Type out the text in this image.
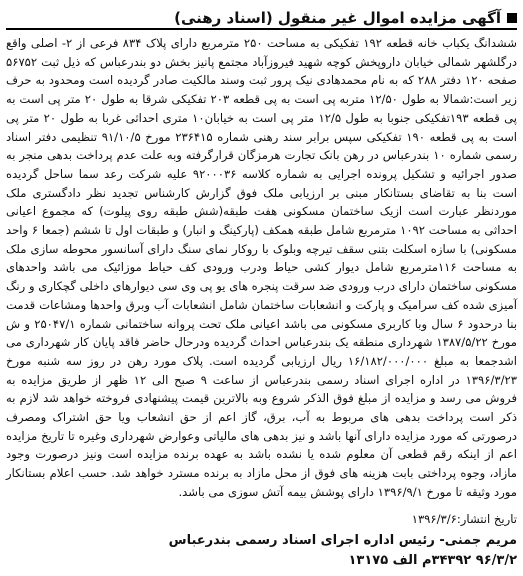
آگهی مزایده اموال غیر منقول (اسناد رهنی)
ششدانگ یکباب خانه قطعه ۱۹۲ تفکیکی به مساحت ۲۵۰ مترمربع دارای پلاک ۸۳۴ فرعی از ۲- اصلی واقع درگلشهر شمالی خیابان داروپخش کوچه شهید فیروزآباد مجتمع پانیز بخش دو بندرعباس که ذیل ثبت ۵۶۷۵۲ صفحه ۱۲۰ دفتر ۲۸۸ که به نام محمدهادی نیک پرور ثبت وسند مالکیت صادر گردیده است ومحدود به حرف زیر است:شمالا به طول ۱۲/۵۰ متربه پی است به پی قطعه ۲۰۳ تفکیکی شرقا به طول ۲۰ متر پی است به پی قطعه ۱۹۳تفکیکی جنوبا به طول ۱۲/۵ متر پی است به خیابان۱۰ متری احداثی غربا به طول ۲۰ متر پی است به پی قطعه ۱۹۰ تفکیکی سپس برابر سند رهنی شماره ۲۳۶۴۱۵ مورخ ۹۱/۱۰/۵ تنظیمی دفتر اسناد رسمی شماره ۱۰ بندرعباس در رهن بانک تجارت هرمزگان قرارگرفته وبه علت عدم پرداخت بدهی منجر به صدور اجرائیه و تشکیل پرونده اجرایی به شماره کلاسه ۹۲۰۰۰۳۶ علیه شرکت رعد سما ساحل گردیده است بنا به تقاضای بستانکار مبنی بر ارزیابی ملک فوق گزارش کارشناس تجدید نظر دادگستری ملک موردنظر عبارت است ازیک ساختمان مسکونی هفت طبقه(شش طبقه روی پیلوت) که مجموع اعیانی احداثی به مساحت ۱۰۹۲ مترمربع شامل طبقه همکف (پارکینگ و انبار) و طبقات اول تا ششم (جمعا ۶ واحد مسکونی) با سازه اسکلت بتنی سقف تیرچه وبلوک با روکار نمای سنگ دارای آسانسور محوطه سازی ملک به مساحت ۱۱۶مترمربع شامل دیوار کشی حیاط ودرب ورودی کف حیاط موزائیک می باشد واحدهای مسکونی ساختمان دارای درب ورودی ضد سرقت پنجره های یو پی وی سی دیوارهای داخلی گچکاری و رنگ آمیزی شده کف سرامیک و پارکت و انشعابات ساختمان شامل انشعابات آب وبرق واحدها ومشاعات قدمت بنا درحدود ۶ سال وبا کاربری مسکونی می باشد اعیانی ملک تحت پروانه ساختمانی شماره ۲۵۰۴۷/۱ و ش مورخ ۱۳۸۷/۵/۲۲ شهرداری منطقه یک بندرعباس احداث گردیده ودرحال حاضر فاقد پایان کار شهرداری می اشدجمعا به مبلغ ۱۶/۱۸۲/۰۰۰/۰۰۰ ریال ارزیابی گردیده است. پلاک مورد رهن در روز سه شنبه مورخ ۱۳۹۶/۳/۲۳ در اداره اجرای اسناد رسمی بندرعباس از ساعت ۹ صبح الی ۱۲ ظهر از طریق مزایده به فروش می رسد و مزایده از مبلغ فوق الذکر شروع وبه بالاترین قیمت پیشنهادی فروخته خواهد شد لازم به ذکر است پرداخت بدهی های مربوط به آب، برق، گاز اعم از حق انشعاب ویا حق اشتراک ومصرف درصورتی که مورد مزایده دارای آنها باشد و نیز بدهی های مالیاتی وعوارض شهرداری وغیره تا تاریخ مزایده اعم از اینکه رقم قطعی آن معلوم شده یا نشده باشد به عهده برنده مزایده است ونیز درصورت وجود مازاد، وجوه پرداختی بابت هزینه های فوق از محل مازاد به برنده مسترد خواهد شد. حسب اعلام بستانکار مورد وثیقه تا مورخ ۱۳۹۶/۹/۱ دارای پوشش بیمه آتش سوزی می باشد.
تاریخ انتشار:۱۳۹۶/۳/۶
مریم جمنی- رئیس اداره اجرای اسناد رسمی بندرعباس
۹۶/۳/۲ ۳۴۳۹۲م الف ۱۳۱۷۵
